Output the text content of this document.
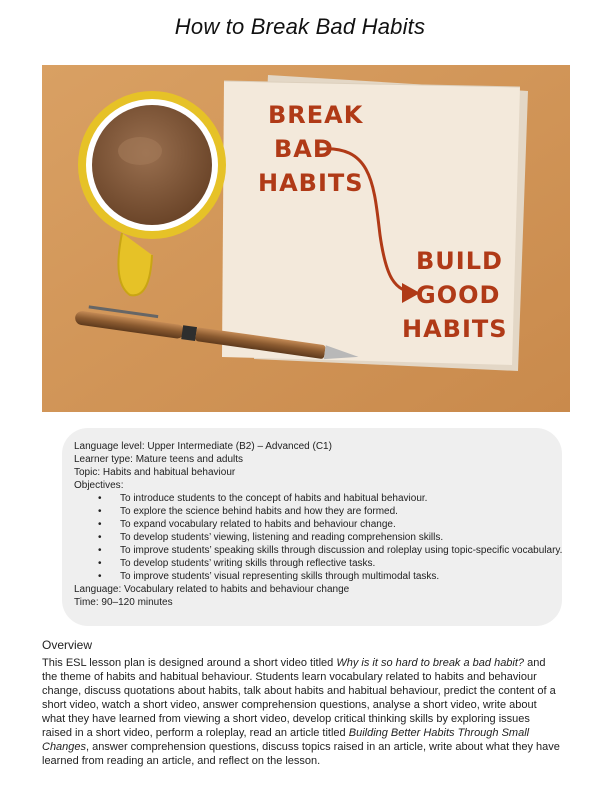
How to Break Bad Habits
BREAK
BAD
HABITS
BUILD
GOOD
HABITS
Language level: Upper Intermediate (B2) – Advanced (C1)
Learner type: Mature teens and adults
Topic: Habits and habitual behaviour
Objectives:
• To introduce students to the concept of habits and habitual behaviour.
• To explore the science behind habits and how they are formed.
• To expand vocabulary related to habits and behaviour change.
• To develop students’ viewing, listening and reading comprehension skills.
• To improve students’ speaking skills through discussion and roleplay using topic-specific vocabulary.
• To develop students’ writing skills through reflective tasks.
• To improve students’ visual representing skills through multimodal tasks.
Language: Vocabulary related to habits and behaviour change
Time: 90–120 minutes
Overview
This ESL lesson plan is designed around a short video titled Why is it so hard to break a bad habit? and the theme of habits and habitual behaviour. Students learn vocabulary related to habits and behaviour change, discuss quotations about habits, talk about habits and habitual behaviour, predict the content of a short video, watch a short video, answer comprehension questions, analyse a short video, write about what they have learned from viewing a short video, develop critical thinking skills by exploring issues raised in a short video, perform a roleplay, read an article titled Building Better Habits Through Small Changes, answer comprehension questions, discuss topics raised in an article, write about what they have learned from reading an article, and reflect on the lesson.
